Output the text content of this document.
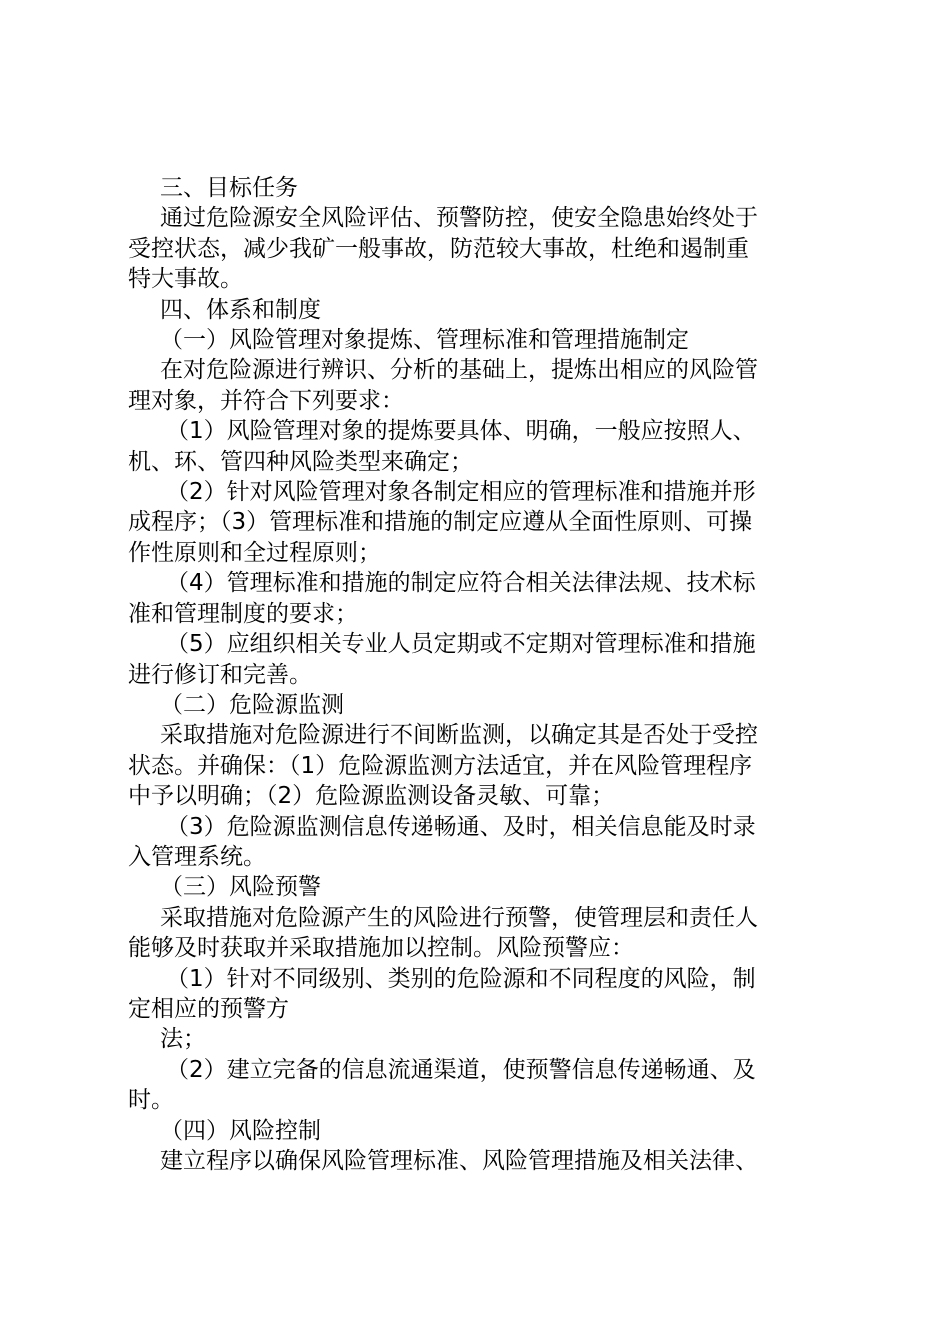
三、目标任务

通过危险源安全风险评估、预警防控，使安全隐患始终处于

受控状态，减少我矿一般事故，防范较大事故，杜绝和遏制重

特大事故。

四、体系和制度

（一）风险管理对象提炼、管理标准和管理措施制定

在对危险源进行辨识、分析的基础上，提炼出相应的风险管

理对象，并符合下列要求：

（1）风险管理对象的提炼要具体、明确，一般应按照人、

机、环、管四种风险类型来确定；

（2）针对风险管理对象各制定相应的管理标准和措施并形

成程序；（3）管理标准和措施的制定应遵从全面性原则、可操

作性原则和全过程原则；

（4）管理标准和措施的制定应符合相关法律法规、技术标

准和管理制度的要求；

（5）应组织相关专业人员定期或不定期对管理标准和措施

进行修订和完善。

（二）危险源监测

采取措施对危险源进行不间断监测，以确定其是否处于受控

状态。并确保：（1）危险源监测方法适宜，并在风险管理程序

中予以明确；（2）危险源监测设备灵敏、可靠；

（3）危险源监测信息传递畅通、及时，相关信息能及时录

入管理系统。

（三）风险预警

采取措施对危险源产生的风险进行预警，使管理层和责任人

能够及时获取并采取措施加以控制。风险预警应：

（1）针对不同级别、类别的危险源和不同程度的风险，制

定相应的预警方

法；

（2）建立完备的信息流通渠道，使预警信息传递畅通、及

时。

（四）风险控制

建立程序以确保风险管理标准、风险管理措施及相关法律、
